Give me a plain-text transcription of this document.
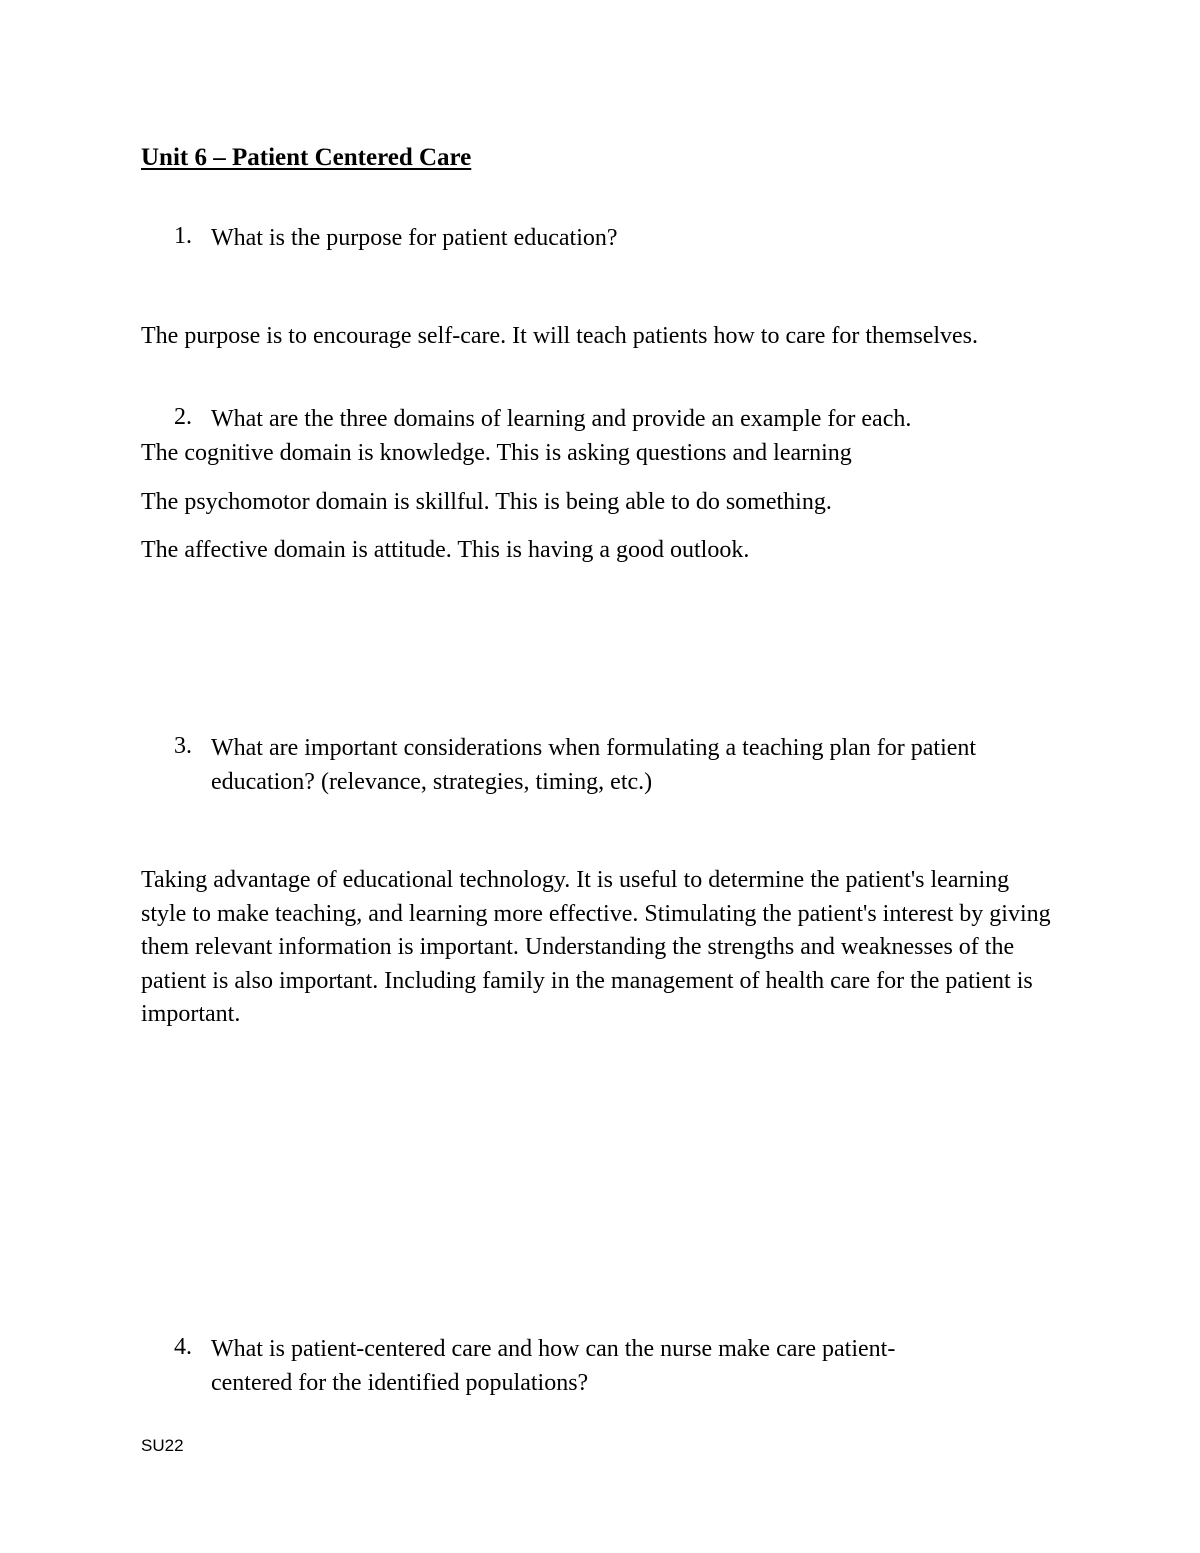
Unit 6 – Patient Centered Care
1. What is the purpose for patient education?
The purpose is to encourage self-care. It will teach patients how to care for themselves.
2. What are the three domains of learning and provide an example for each.
The cognitive domain is knowledge. This is asking questions and learning
The psychomotor domain is skillful. This is being able to do something.
The affective domain is attitude. This is having a good outlook.
3. What are important considerations when formulating a teaching plan for patient education? (relevance, strategies, timing, etc.)
Taking advantage of educational technology. It is useful to determine the patient's learning style to make teaching, and learning more effective. Stimulating the patient's interest by giving them relevant information is important. Understanding the strengths and weaknesses of the patient is also important. Including family in the management of health care for the patient is important.
4. What is patient-centered care and how can the nurse make care patient-centered for the identified populations?
SU22
